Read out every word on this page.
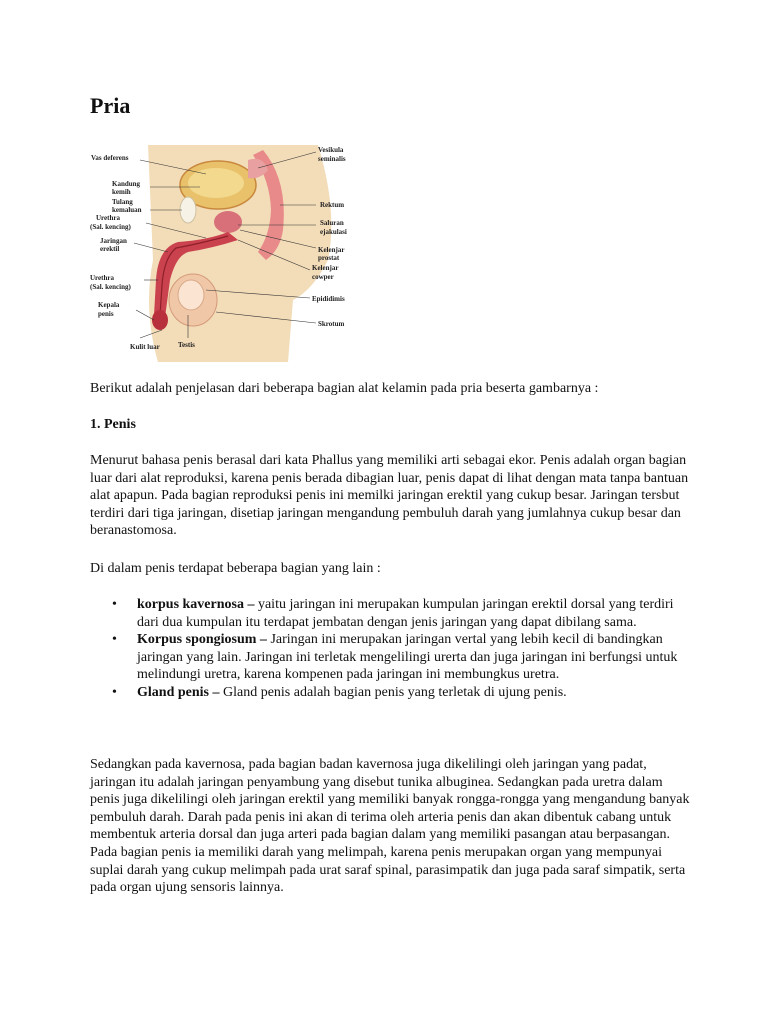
Pria
Vas deferens
Kandung
kemih
Tulang
kemaluan
Urethra
(Sal. kencing)
Jaringan
erektil
Urethra
(Sal. kencing)
Kepala
penis
Kulit luar	Testis
Vesikula
seminalis
Rektum
Saluran
ejakulasi
Kelenjar
prostat
Kelenjar
cowper
Epididimis
Skrotum

Berikut adalah penjelasan dari beberapa bagian alat kelamin pada pria beserta gambarnya :

1. Penis

Menurut bahasa penis berasal dari kata Phallus yang memiliki arti sebagai ekor. Penis adalah organ bagian luar dari alat reproduksi, karena penis berada dibagian luar, penis dapat di lihat dengan mata tanpa bantuan alat apapun. Pada bagian reproduksi penis ini memilki jaringan erektil yang cukup besar. Jaringan tersbut terdiri dari tiga jaringan, disetiap jaringan mengandung pembuluh darah yang jumlahnya cukup besar dan beranastomosa.

Di dalam penis terdapat beberapa bagian yang lain :

• korpus kavernosa – yaitu jaringan ini merupakan kumpulan jaringan erektil dorsal yang terdiri dari dua kumpulan itu terdapat jembatan dengan jenis jaringan yang dapat dibilang sama.
• Korpus spongiosum – Jaringan ini merupakan jaringan vertal yang lebih kecil di bandingkan jaringan yang lain. Jaringan ini terletak mengelilingi urerta dan juga jaringan ini berfungsi untuk melindungi uretra, karena kompenen pada jaringan ini membungkus uretra.
• Gland penis – Gland penis adalah bagian penis yang terletak di ujung penis.

Sedangkan pada kavernosa, pada bagian badan kavernosa juga dikelilingi oleh jaringan yang padat, jaringan itu adalah jaringan penyambung yang disebut tunika albuginea. Sedangkan pada uretra dalam penis juga dikelilingi oleh jaringan erektil yang memiliki banyak rongga-rongga yang mengandung banyak pembuluh darah. Darah pada penis ini akan di terima oleh arteria penis dan akan dibentuk cabang untuk membentuk arteria dorsal dan juga arteri pada bagian dalam yang memiliki pasangan atau berpasangan. Pada bagian penis ia memiliki darah yang melimpah, karena penis merupakan organ yang mempunyai suplai darah yang cukup melimpah pada urat saraf spinal, parasimpatik dan juga pada saraf simpatik, serta pada organ ujung sensoris lainnya.
